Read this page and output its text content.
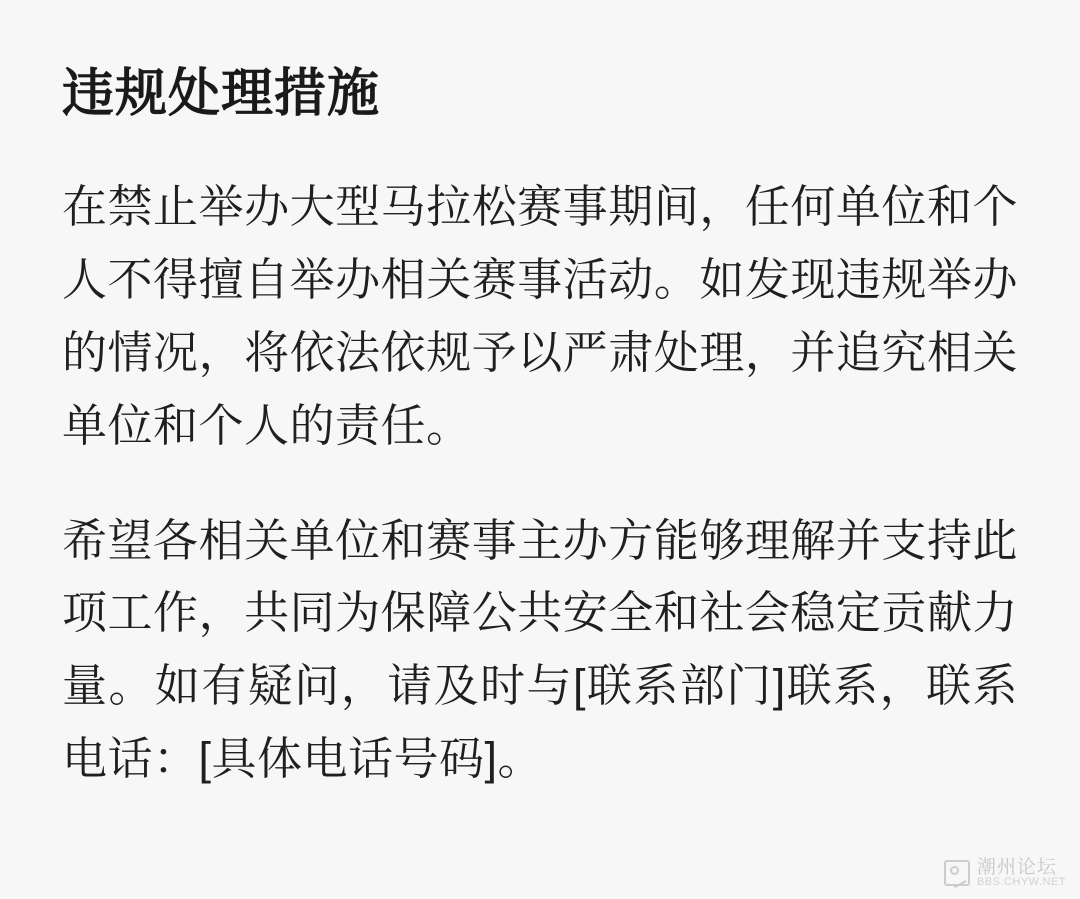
违规处理措施

在禁止举办大型马拉松赛事期间，任何单位和个人不得擅自举办相关赛事活动。如发现违规举办的情况，将依法依规予以严肃处理，并追究相关单位和个人的责任。

希望各相关单位和赛事主办方能够理解并支持此项工作，共同为保障公共安全和社会稳定贡献力量。如有疑问，请及时与[联系部门]联系，联系电话：[具体电话号码]。

潮州论坛
BBS.CHYW.NET
